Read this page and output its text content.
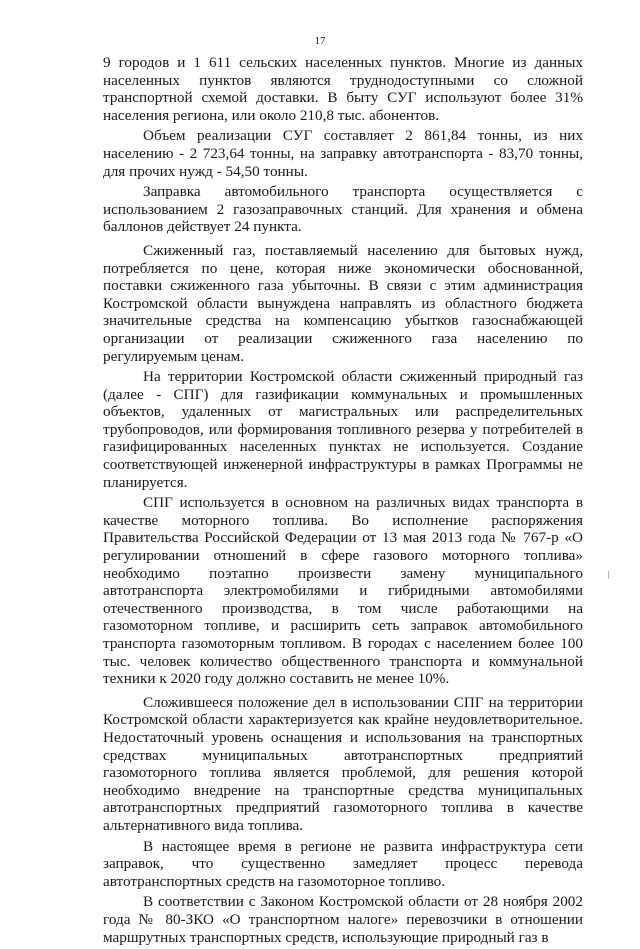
17

9 городов и 1 611 сельских населенных пунктов. Многие из данных населенных пунктов являются труднодоступными со сложной транспортной схемой доставки. В быту СУГ используют более 31% населения региона, или около 210,8 тыс. абонентов.

Объем реализации СУГ составляет 2 861,84 тонны, из них населению - 2 723,64 тонны, на заправку автотранспорта - 83,70 тонны, для прочих нужд - 54,50 тонны.

Заправка автомобильного транспорта осуществляется с использованием 2 газозаправочных станций. Для хранения и обмена баллонов действует 24 пункта.

Сжиженный газ, поставляемый населению для бытовых нужд, потребляется по цене, которая ниже экономически обоснованной, поставки сжиженного газа убыточны. В связи с этим администрация Костромской области вынуждена направлять из областного бюджета значительные средства на компенсацию убытков газоснабжающей организации от реализации сжиженного газа населению по регулируемым ценам.

На территории Костромской области сжиженный природный газ (далее - СПГ) для газификации коммунальных и промышленных объектов, удаленных от магистральных или распределительных трубопроводов, или формирования топливного резерва у потребителей в газифицированных населенных пунктах не используется. Создание соответствующей инженерной инфраструктуры в рамках Программы не планируется.

СПГ используется в основном на различных видах транспорта в качестве моторного топлива. Во исполнение распоряжения Правительства Российской Федерации от 13 мая 2013 года № 767-р «О регулировании отношений в сфере газового моторного топлива» необходимо поэтапно произвести замену муниципального автотранспорта электромобилями и гибридными автомобилями отечественного производства, в том числе работающими на газомоторном топливе, и расширить сеть заправок автомобильного транспорта газомоторным топливом. В городах с населением более 100 тыс. человек количество общественного транспорта и коммунальной техники к 2020 году должно составить не менее 10%.

Сложившееся положение дел в использовании СПГ на территории Костромской области характеризуется как крайне неудовлетворительное. Недостаточный уровень оснащения и использования на транспортных средствах муниципальных автотранспортных предприятий газомоторного топлива является проблемой, для решения которой необходимо внедрение на транспортные средства муниципальных автотранспортных предприятий газомоторного топлива в качестве альтернативного вида топлива.

В настоящее время в регионе не развита инфраструктура сети заправок, что существенно замедляет процесс перевода автотранспортных средств на газомоторное топливо.

В соответствии с Законом Костромской области от 28 ноября 2002 года № 80-ЗКО «О транспортном налоге» перевозчики в отношении маршрутных транспортных средств, использующие природный газ в
